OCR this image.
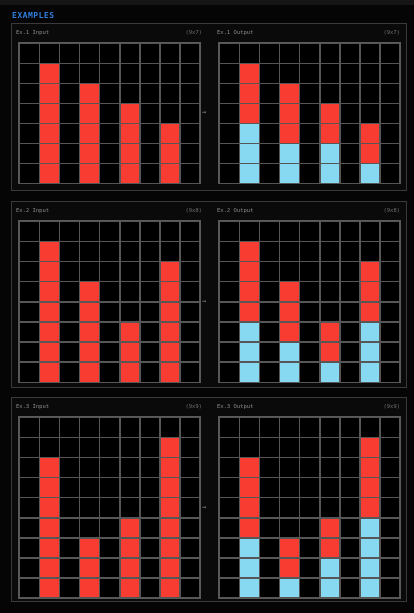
EXAMPLES
Ex.1 Input	(9x7)	Ex.1 Output	(9x7)
→
Ex.2 Input	(9x8)	Ex.2 Output	(9x8)
→
Ex.3 Input	(9x9)	Ex.3 Output	(9x9)
→
